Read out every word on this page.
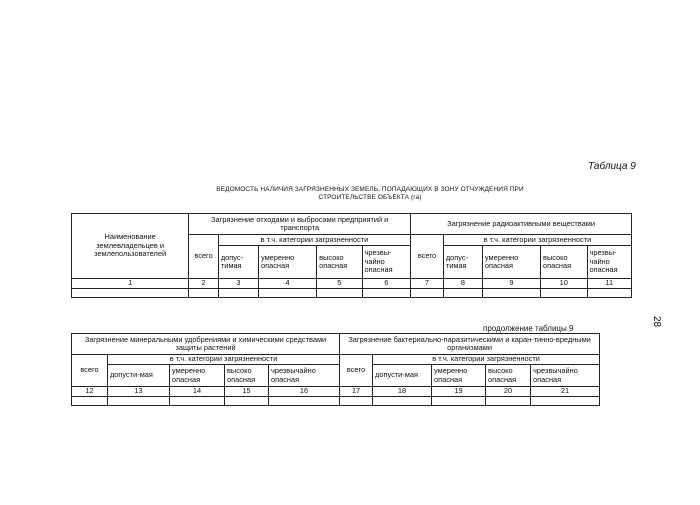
Таблица 9
ВЕДОМОСТЬ НАЛИЧИЯ ЗАГРЯЗНЕННЫХ ЗЕМЕЛЬ, ПОПАДАЮЩИХ В ЗОНУ ОТЧУЖДЕНИЯ ПРИ
СТРОИТЕЛЬСТВЕ ОБЪЕКТА (га)
Наименование землевладельцев и землепользователей	Загрязнение отходами и выбросами предприятий и транспорта					Загрязнение радиоактивными веществами				
	всего	в т.ч. категории загрязненности				всего	в т.ч. категории загрязненности			
		допус-тимая	умеренно опасная	высоко опасная	чрезвы-чайно опасная		допус-тимая	умеренно опасная	высоко опасная	чрезвы-чайно опасная
1	2	3	4	5	6	7	8	9	10	11

продолжение таблицы 9
28
Загрязнение минеральными удобрениями и химическими средствами защиты растений					Загрязнение бактериально-паразитическими и каран-тинно-вредными организмами				
всего	в т.ч. категории загрязненности				всего	в т.ч. категории загрязненности			
	допусти-мая	умеренно опасная	высоко опасная	чрезвычайно опасная		допусти-мая	умеренно опасная	высоко опасная	чрезвычайно опасная
12	13	14	15	16	17	18	19	20	21
